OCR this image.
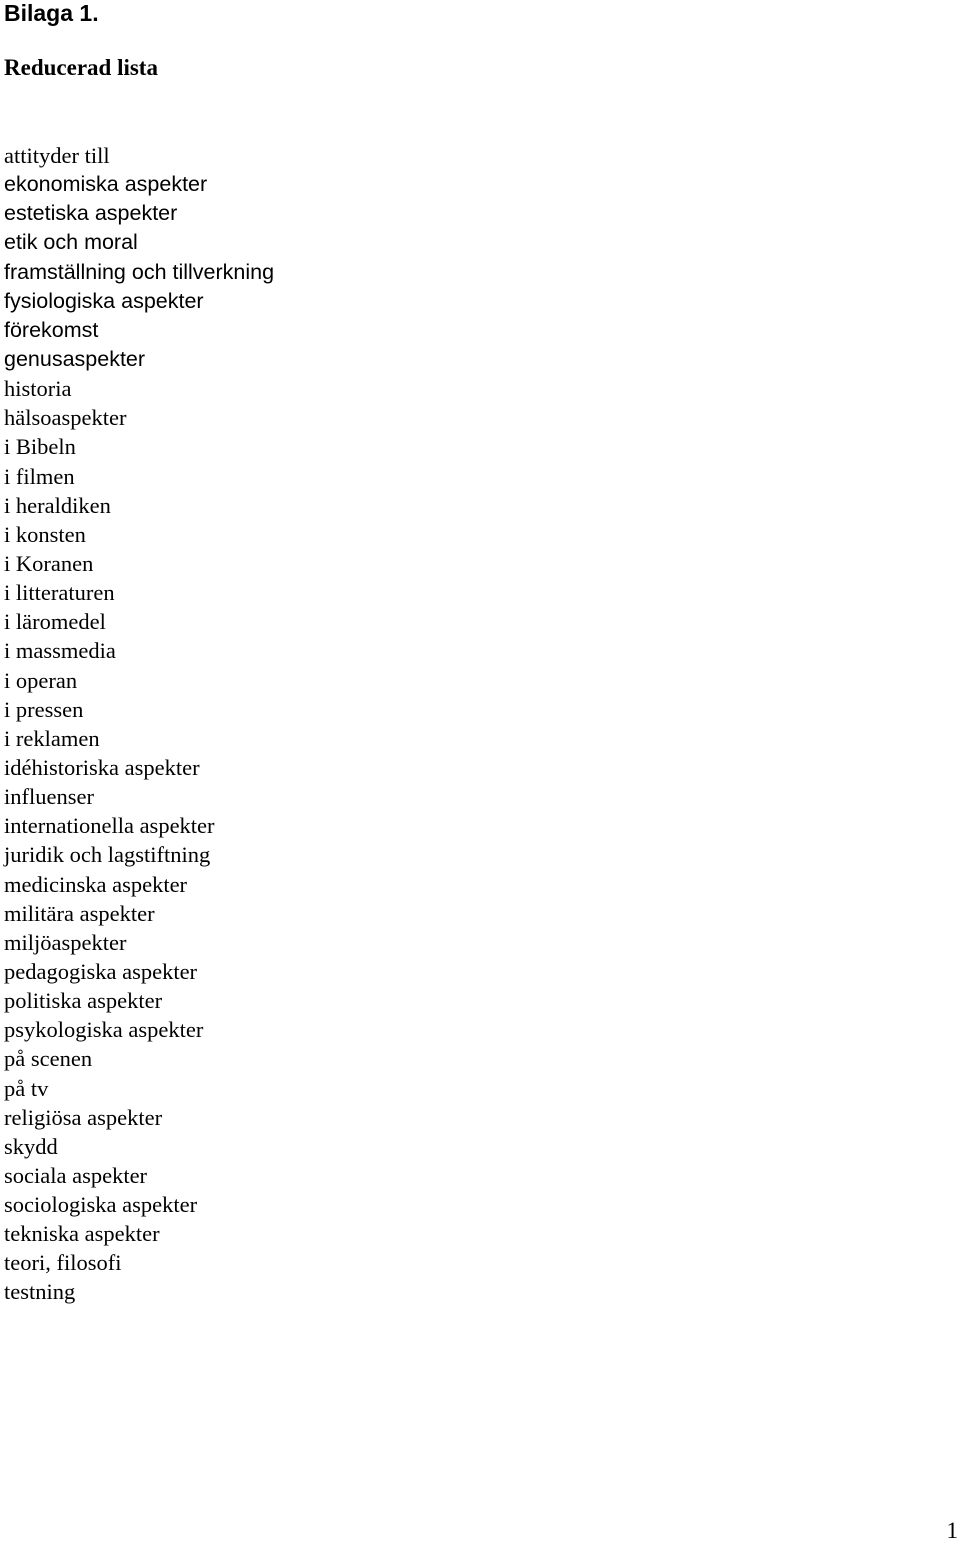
Bilaga 1.
Reducerad lista
attityder till
ekonomiska aspekter
estetiska aspekter
etik och moral
framställning och tillverkning
fysiologiska aspekter
förekomst
genusaspekter
historia
hälsoaspekter
i Bibeln
i filmen
i heraldiken
i konsten
i Koranen
i litteraturen
i läromedel
i massmedia
i operan
i pressen
i reklamen
idéhistoriska aspekter
influenser
internationella aspekter
juridik och lagstiftning
medicinska aspekter
militära aspekter
miljöaspekter
pedagogiska aspekter
politiska aspekter
psykologiska aspekter
på scenen
på tv
religiösa aspekter
skydd
sociala aspekter
sociologiska aspekter
tekniska aspekter
teori, filosofi
testning
1
